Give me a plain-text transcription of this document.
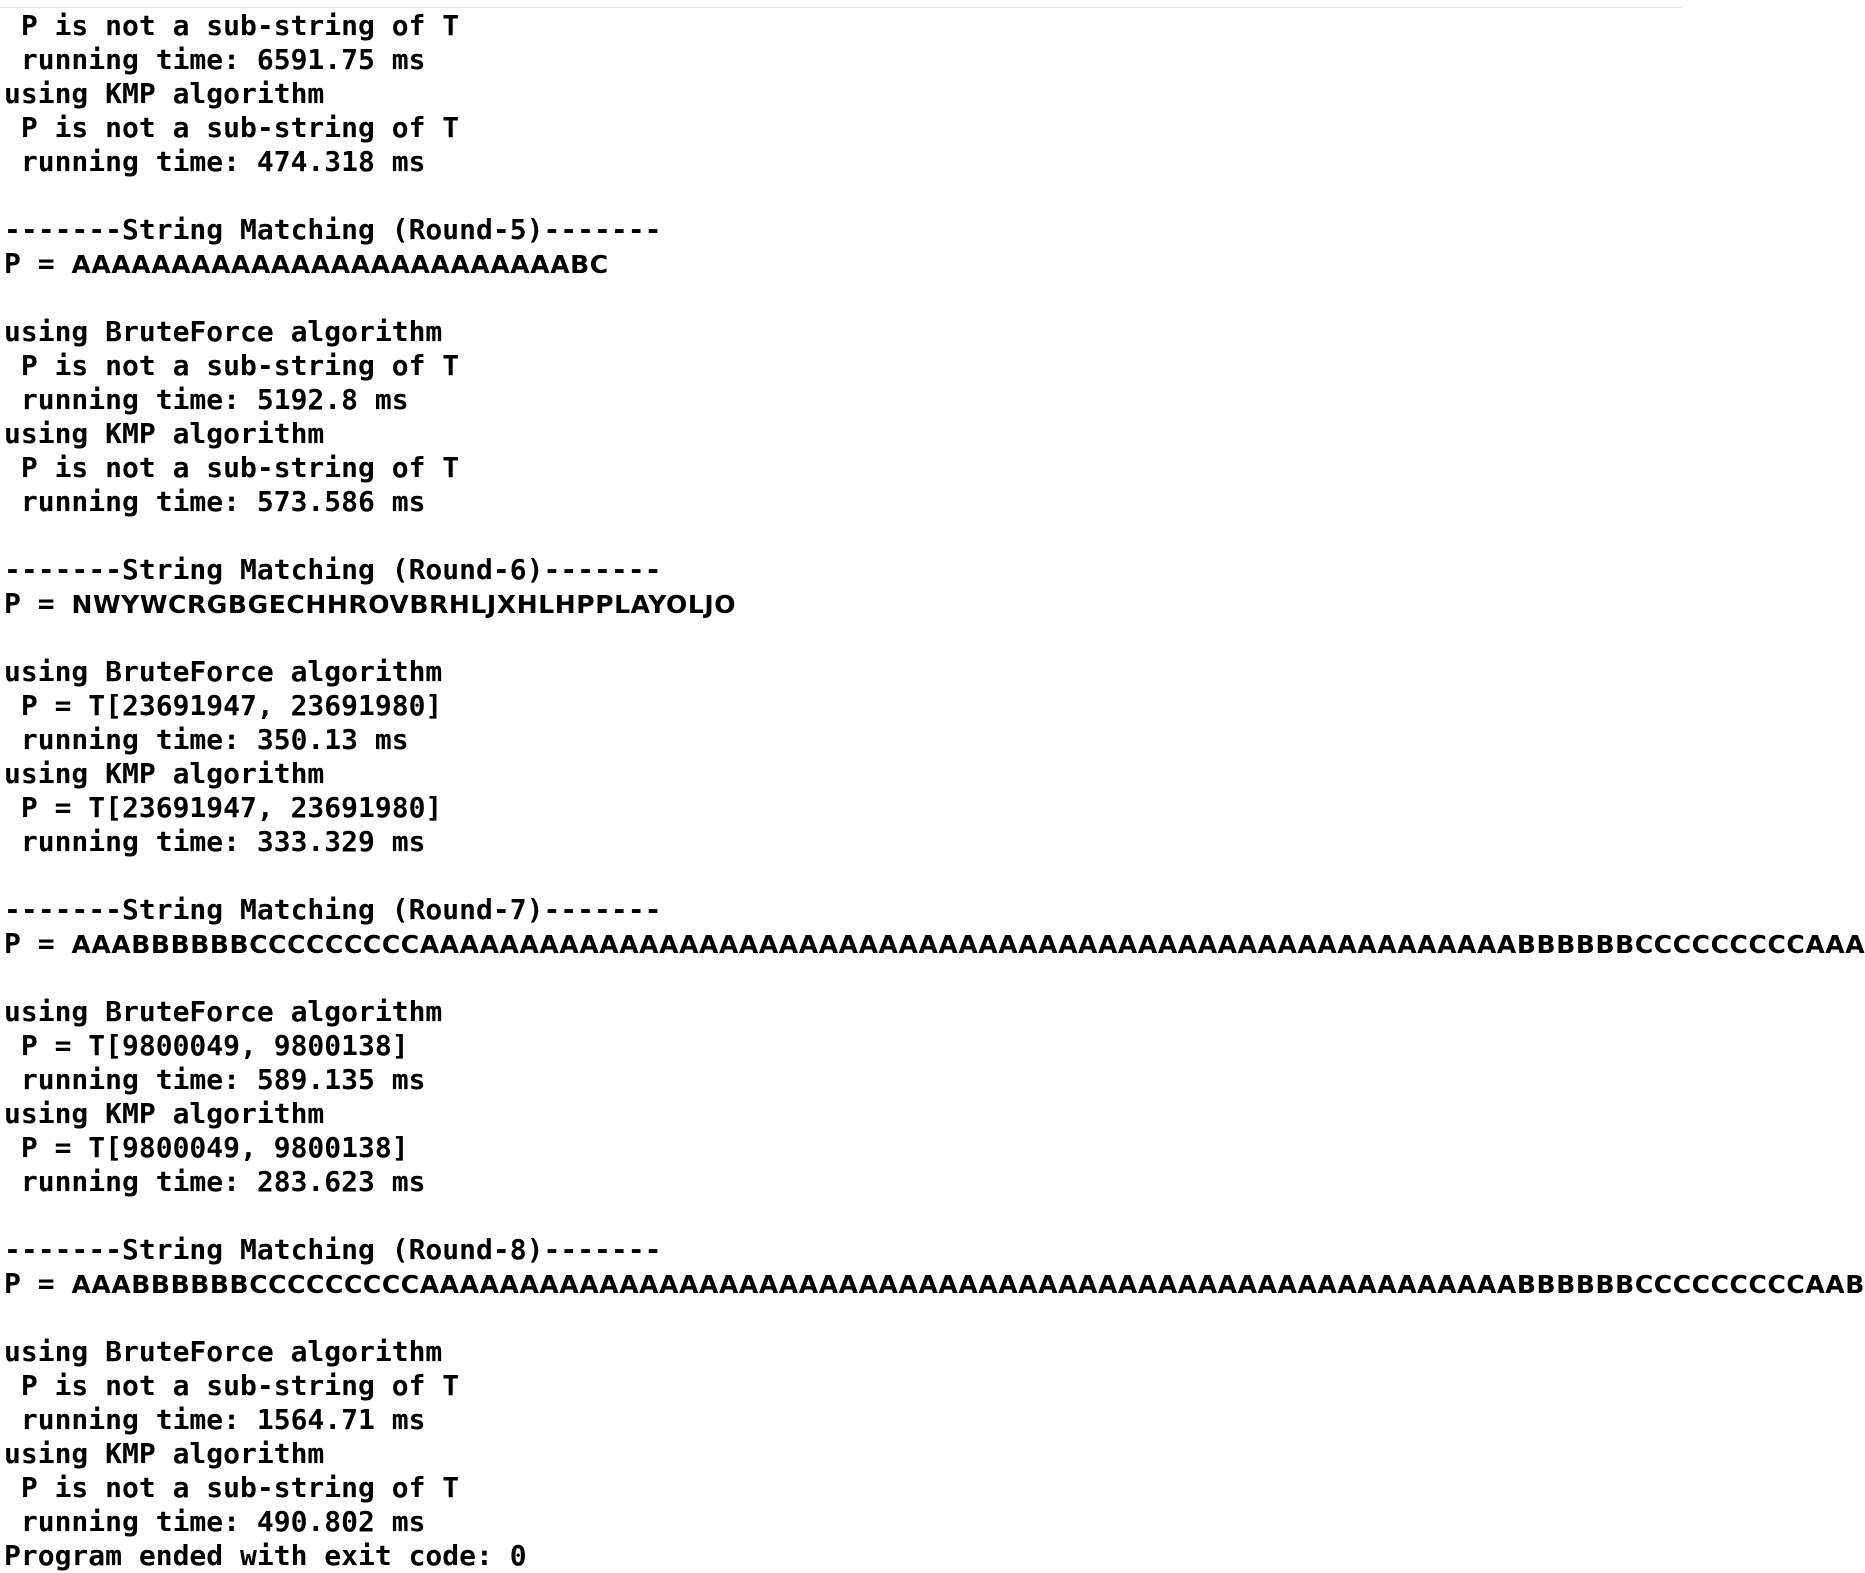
P is not a sub-string of T
running time: 6591.75 ms
using KMP algorithm
P is not a sub-string of T
running time: 474.318 ms
-------String Matching (Round-5)-------
P = AAAAAAAAAAAAAAAAAAAAAAAAABC
using BruteForce algorithm
P is not a sub-string of T
running time: 5192.8 ms
using KMP algorithm
P is not a sub-string of T
running time: 573.586 ms
-------String Matching (Round-6)-------
P = NWYWCRGBGECHHROVBRHLJXHLHPPLAYOLJO
using BruteForce algorithm
P = T[23691947, 23691980]
running time: 350.13 ms
using KMP algorithm
P = T[23691947, 23691980]
running time: 333.329 ms
-------String Matching (Round-7)-------
P = AAABBBBBBCCCCCCCCCAAAAAAAAAAAAAAAAAAAAAAAAAAAAAAAAAAAAAAAAAAAAAAAAAAAAAAABBBBBBCCCCCCCCCAAA
using BruteForce algorithm
P = T[9800049, 9800138]
running time: 589.135 ms
using KMP algorithm
P = T[9800049, 9800138]
running time: 283.623 ms
-------String Matching (Round-8)-------
P = AAABBBBBBCCCCCCCCCAAAAAAAAAAAAAAAAAAAAAAAAAAAAAAAAAAAAAAAAAAAAAAAAAAAAAAABBBBBBCCCCCCCCCAAB
using BruteForce algorithm
P is not a sub-string of T
running time: 1564.71 ms
using KMP algorithm
P is not a sub-string of T
running time: 490.802 ms
Program ended with exit code: 0
